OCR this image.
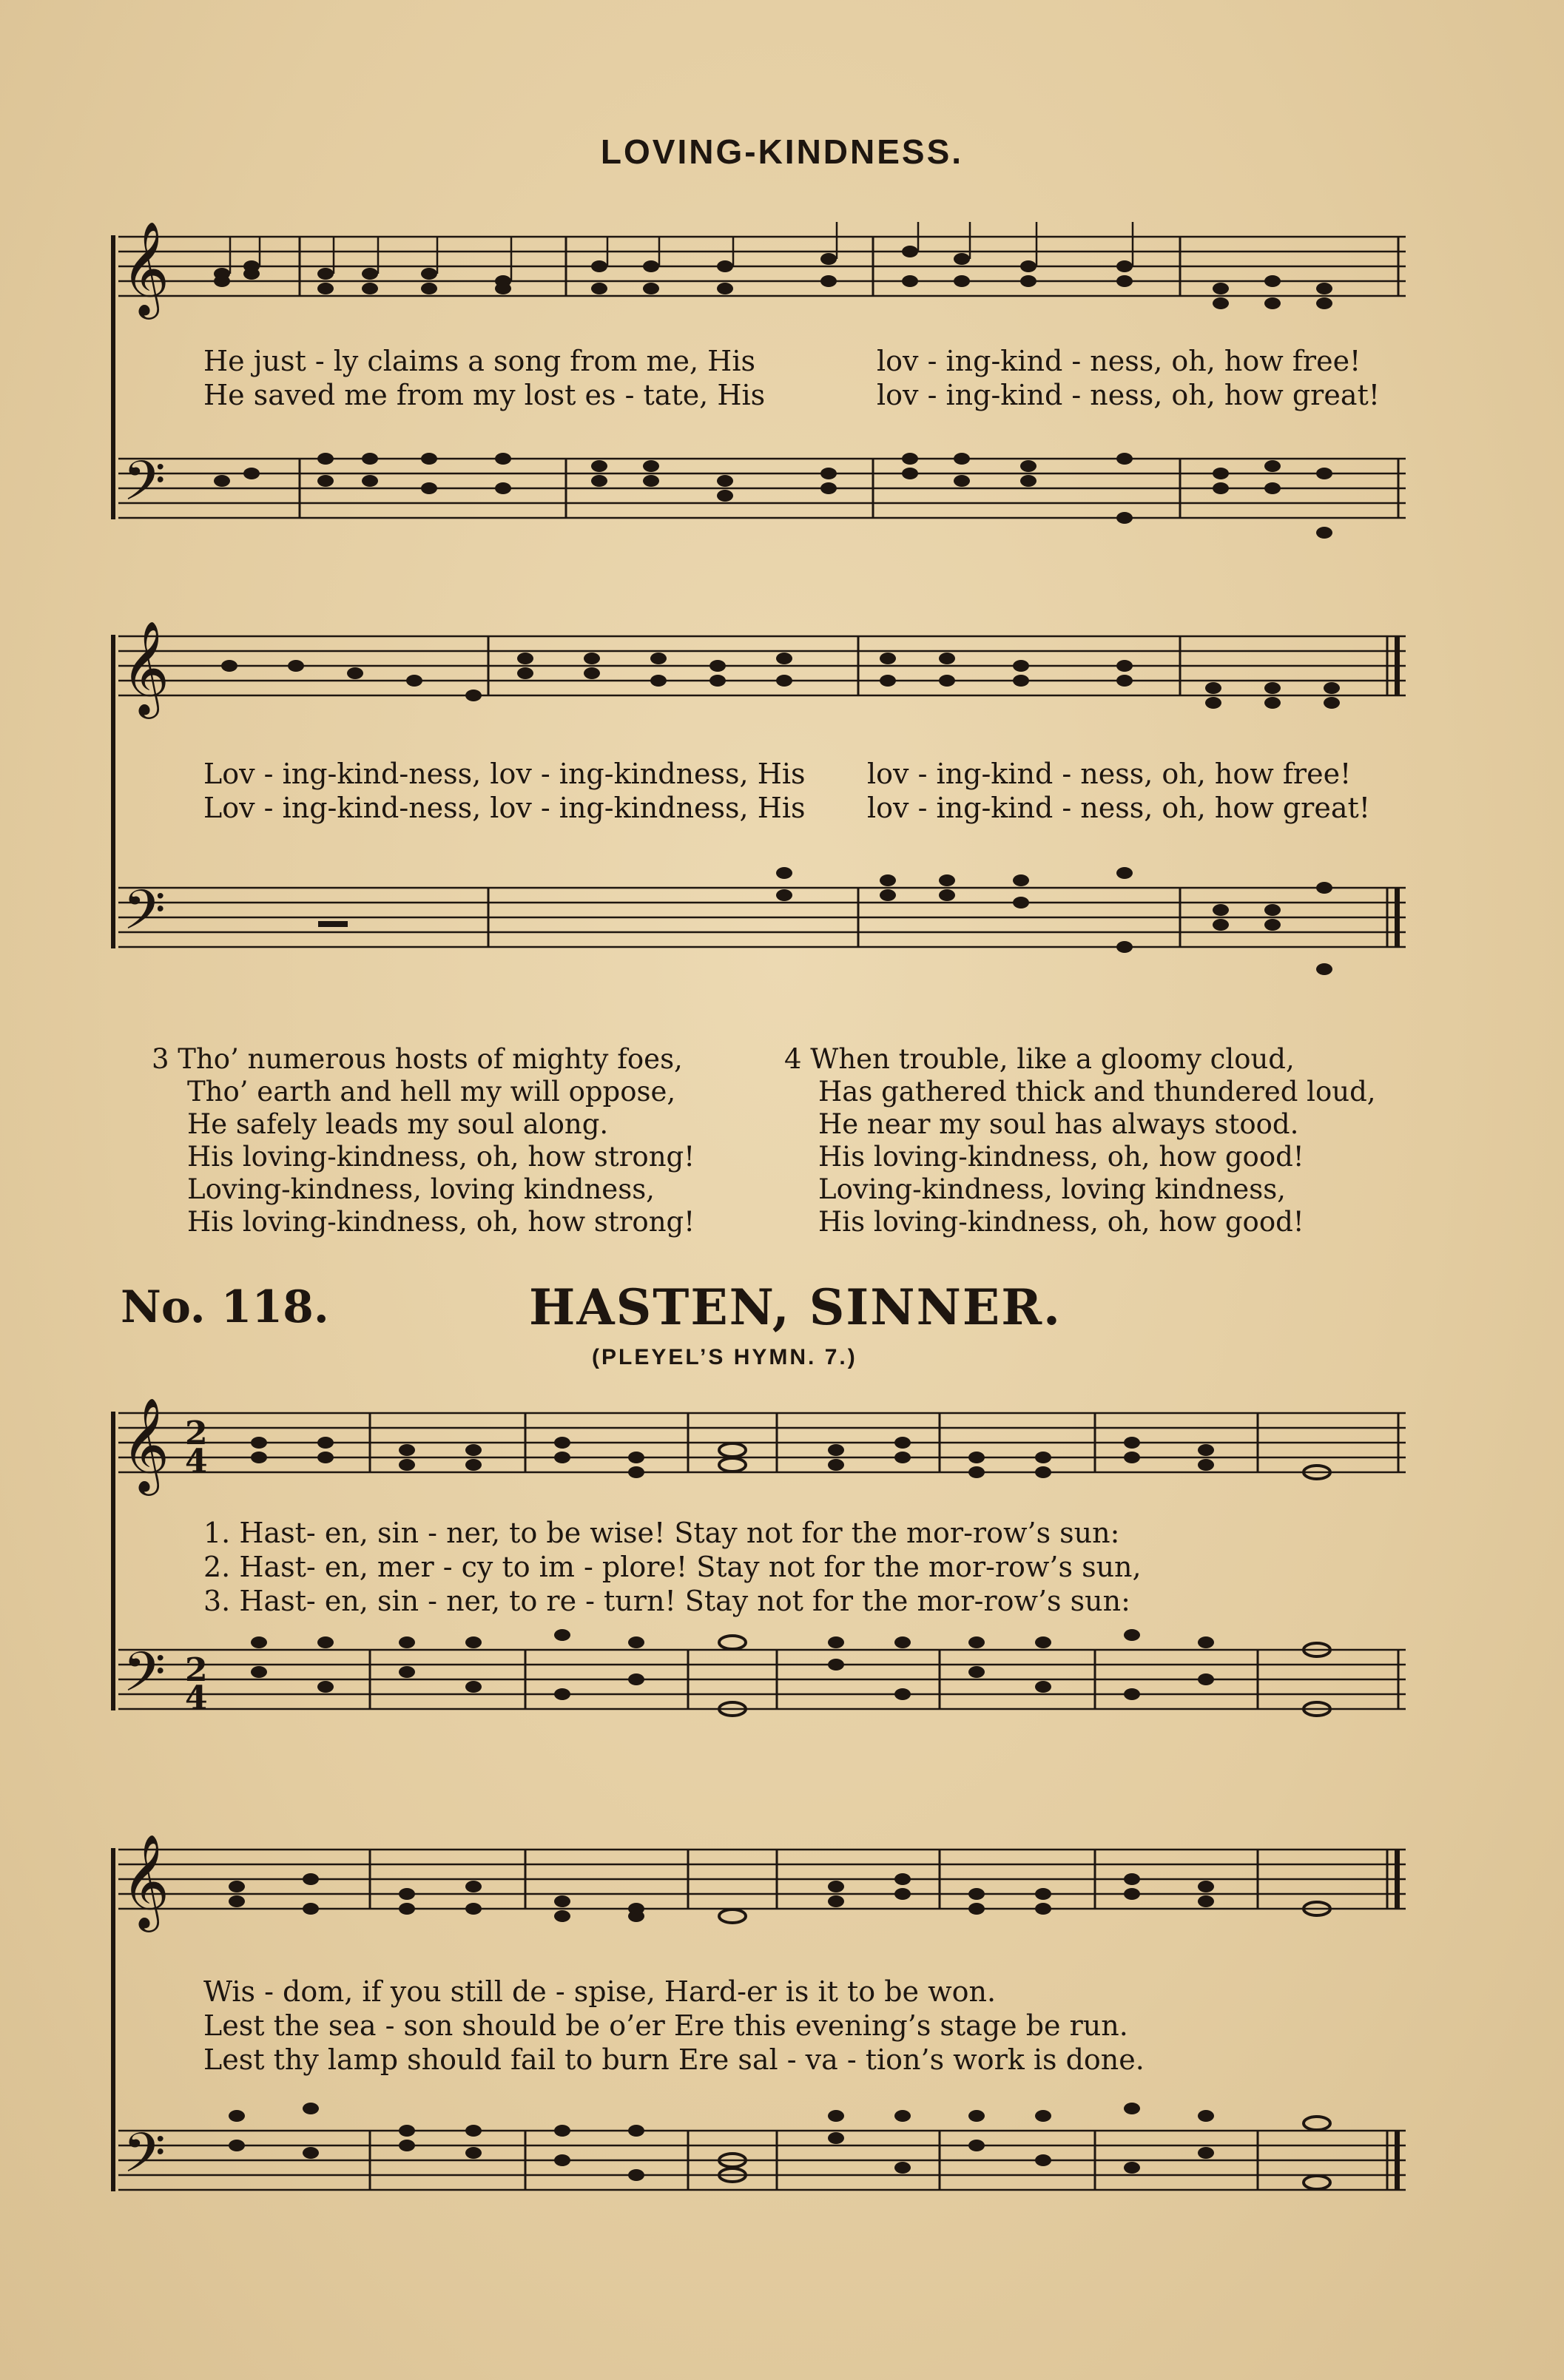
LOVING-KINDNESS.
𝄞
𝄢
He just - ly claims a song from me, His
He saved me from my lost es - tate, His
lov - ing-kind - ness, oh, how free!
lov - ing-kind - ness, oh, how great!
𝄞
𝄢
Lov - ing-kind-ness, lov - ing-kindness, His
Lov - ing-kind-ness, lov - ing-kindness, His
lov - ing-kind - ness, oh, how free!
lov - ing-kind - ness, oh, how great!
3 Tho’ numerous hosts of mighty foes,
Tho’ earth and hell my will oppose,
He safely leads my soul along.
His loving-kindness, oh, how strong!
Loving-kindness, loving kindness,
His loving-kindness, oh, how strong!
4 When trouble, like a gloomy cloud,
Has gathered thick and thundered loud,
He near my soul has always stood.
His loving-kindness, oh, how good!
Loving-kindness, loving kindness,
His loving-kindness, oh, how good!
No. 118.	HASTEN, SINNER.
(PLEYEL’S HYMN. 7.)
𝄞 2
4
𝄢 2
4
1. Hast- en, sin - ner, to be wise! Stay not for the mor-row’s sun:
2. Hast- en, mer - cy to im - plore! Stay not for the mor-row’s sun,
3. Hast- en, sin - ner, to re - turn! Stay not for the mor-row’s sun:
𝄞
𝄢
Wis - dom, if you still de - spise, Hard-er is it to be won.
Lest the sea - son should be o’er Ere this evening’s stage be run.
Lest thy lamp should fail to burn Ere sal - va - tion’s work is done.
